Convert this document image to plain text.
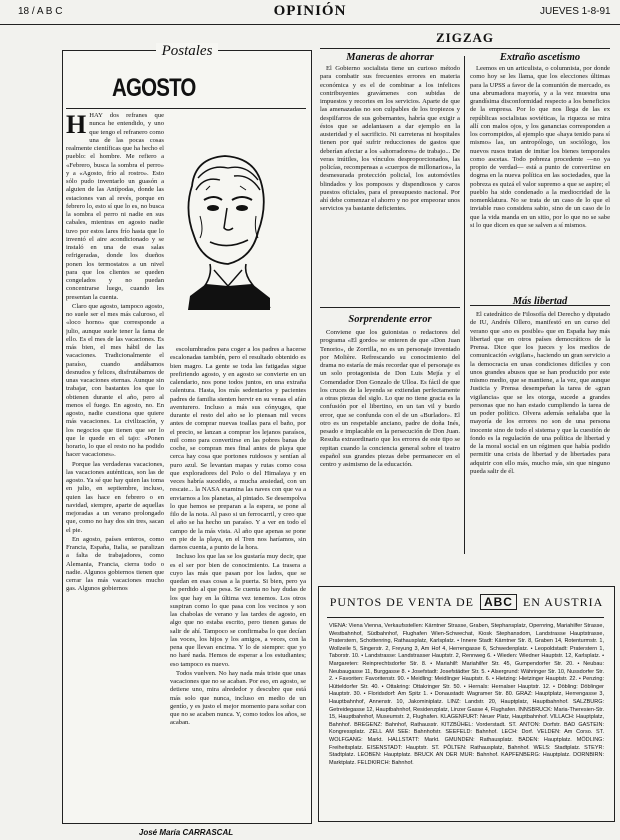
18 / A B C	OPINIÓN	JUEVES 1-8-91
Postales
AGOSTO

HHAY dos refranes que nunca he entendido, y uno que tengo el refranero como una de las pocas cosas realmente científicas que ha hecho el pueblo: el hombre. Me refiero a «Febrero, busca la sombra el perro» y a «Agosto, frío al rostro». Esto sólo pudo inventarlo un guasón a alguien de las Antípodas, donde las estaciones van al revés, porque en febrero lo, esto sí que lo es, no busca la sombra el perro ni nadie en sus cabales, mientras en agosto nadie tuvo por estos lares frío hasta que lo inventó el aire acondicionado y se instaló en una de esas salas refrigeradas, donde los dueños ponen los termostatos a un nivel para que los clientes se queden congelados y no puedan concentrarse luego, cuando les presentan la cuenta.

Claro que agosto, tampoco agosto, no suele ser el mes más caluroso, el «loco horno» que corresponde a julio, aunque suele tener la fama de ello. Es el mes de las vacaciones. Es más bien, el mes hábil de las vacaciones. Tradicionalmente el paraíso, cuando andábamos desnudos y felices, disfrutábamos de unas vacaciones eternas. Aunque sin trabajar, con bastantes los que lo obtienen durante el año, pero al menos el fuego. En agosto, no. En agosto, nadie cuestiona que quiere más vacaciones. La civilización, y los negocios que tienen que ser lo que le quede en el tajo: «Ponen horario, lo que el resto no ha podido hacer vacaciones».

Porque las verdaderas vacaciones, las vacaciones auténticas, son las de agosto. Ya sé que hay quien las toma en julio, en septiembre, incluso, quien las hace en febrero o en navidad, siempre, aparte de aquellas mejoradas a un verano prolongado que, como no hay dos sin tres, sacan el pie.

En agosto, países enteros, como Francia, España, Italia, se paralizan a falta de trabajadores, como Alemania, Francia, cierra todo o nadie. Algunos gobiernos tienen que cerrar las más vacaciones mucho gas. Algunos gobiernos

escolumbrados para coger a los padres a hacerse escalonadas también, pero el resultado obtenido es bien magro. La gente se toda las fatigadas sigue prefiriendo agosto, y en agosto se convierte en un calendario, nos pone todos juntos, en una extraña calentura. Hasta, los más sedentarios y pacientes padres de familia sienten hervir en su venas el afán aventurero. Incluso a más sus cónyuges, que durante el resto del año se lo piensan mil veces antes de comprar nuevas toallas para el baño, por el precio, se lanzan a comprar los lejanos paraísos, mil como para convertirse en las pobres banas de coche, se compran mes final antes de playa que cerca hay cosa que portones ruidosos y sentían al puro azul. Se levantan mapas y rutas como cosa que exploradores del Polo o del Himalaya y en veces habría sucedido, a mucha ansiedad, con un rescate... la NASA examina las naves con que va a enviarnos a los planetas, al pintado. Se desempolva lo que hemos se preparan a la espera, se pone al filo de la nota. Al paso si un ferrocarril, y creo que el año se ha hecho un paraíso. Y a ver en todo el campo de la más vista. Al año que apenas se pone en pie de la playa, en el Tren nos haríamos, sin darnos cuenta, a punto de la hora.

Incluso los que las se los gustaría muy decir, que es el ser por bien de conocimiento. La trasera a cuyo las más que pasan por los lados, que se quedan en esas cosas a la puerta. Si bien, pero ya he perdido al que pesa. Se cuenta no hay dudas de los que hay en la última vez tenemos. Los otros suspiran como lo que pasa con los vecinos y son las chabolas de verano y las tardes de agosto, en algo que no estaba escrito, pero tienen ganas de salir de ahí. Tampoco se confirmaba lo que decían las voces, los hijos y los amigos, a veces, con la pena que llevan encima. Y lo de siempre: que yo no haré nada. Hemos de esperar a los estudiantes; eso tampoco es nuevo.

Todos vuelven. No hay nada más triste que unas vacaciones que no se acaban. Por eso, en agosto, se detiene uno, mira alrededor y descubre que está más solo que nunca, incluso en medio de un gentío, y es justo el mejor momento para soñar con que no se acaben nunca. Y, como todos los años, se acaban.

José María CARRASCAL
ZIGZAG
Maneras de ahorrar

El Gobierno socialista tiene un curioso método para combatir sus frecuentes errores en materia económica y es el de combinar a los infelices contribuyentes gravámenes con subidas de impuestos y recortes en los servicios. Aparte de que las amenazadas no son culpables de los tropiezos y despilfarros de sus gobernantes, habría que exigir a éstos que se adelantasen a dar ejemplo en la austeridad y el sacrificio. Ni carreteras ni hospitales tienen por qué sufrir reducciones de gastos que deberían afectar a los «ahorradores» de trabajo... De veras inútiles, los vínculos desproporcionados, las policías, recompensas a «cuerpos de millonarios», la desmesurada protección policial, los automóviles blindados y los pomposos y dispendiosos y caros puestos oficiales, para el presupuesto nacional. Por ahí debe comenzar el ahorro y no por empeorar unos servicios ya bastante deficientes.

Sorprendente error

Conviene que los guionistas o redactores del programa «El gordo» se enteren de que «Don Juan Tenorio», de Zorrilla, no es un personaje inventado por Molière. Refrescando su conocimiento del drama no estaría de más recordar que el personaje es un solo protagonista de Don Luis Mejía y el Comendador Don Gonzalo de Ulloa. Es fácil de que los cruces de la leyenda se extiendan perfectamente a otras piezas del siglo. Lo que no tiene gracia es la confusión por el libertino, en un tan vil y burdo error, que se confunda con el de un «Burlador». El otro es un respetable anciano, padre de doña Inés, pesado e implacable en la persecución de Don Juan. Resulta extraordinario que los errores de este tipo se repitan cuando la conciencia general sobre el teatro español sus grandes piezas debe permanecer en el centro y asimismo de la educación.

Extraño ascetismo

Leemos en un articulista, o columnista, por donde como hoy se les llama, que los elecciones últimas para la UPSS a favor de la comunión de mercado, es una abrumadora mayoría, y a la vez muestra una grandísima disconformidad respecto a los beneficios de la empresa. Por lo que nos llega de las ex repúblicas socialistas soviéticas, la riqueza se mira allí con malos ojos, y los ganancias corresponden a los corrompidos, al ejemplo que «haya tenido para sí mismo» las, un antropólogo, un sociólogo, los nuevos rusos tratan de imitar los bienes temporales como ascetas. Todo pobreza procedente —no ya propio de verdad— está a punto de convertirse en dogma en la nueva política en las sociedades, que la pobreza es quizá el valor supremo a que se aspire; el pueblo ha sido condenado a la mediocridad de la nomenklatura. No se trata de un caso de lo que el inviable ruso considera sabio, sino de un caso de lo que la vida manda en un sitio, por lo que no se sabe si lo que dicen es que se salven a sí mismos.

Más libertad

El catedrático de Filosofía del Derecho y diputado de IU, Andrés Ollero, manifestó en un curso del verano que «no es posible» que en España hay más libertad que en otros países democráticos de la Prensa. Dice que los jueces y los medios de comunicación «vigilan», haciendo un gran servicio a la democracia en unas condiciones difíciles y con unos grandes abusos que se han producido por este mismo medio, que se mantiene, a la vez, que aunque Justicia y Prensa desempeñan la tarea de «gran vigilancia» que se les otorga, sucede a grandes personas que no han estado cumpliendo la tarea de un poder político. Olvera además señalaba que la mayoría de los errores no son de una persona inocente sino de todo el sistema y que la cuestión de fondo es la regulación de una política de libertad y de la moral social en un régimen que había podido permitir una crisis de libertad y de libertades para adquirir con ello más, mucho más, sin que ninguno pueda salir de él.

PUNTOS DE VENTA DE ABC EN AUSTRIA
VIENA: Viena Vienna, Verkaufsstellen: Kärntner Strasse, Graben, Stephansplatz, Opernring, Mariahilfer Strasse, Westbahnhof, Südbahnhof, Flughafen Wien-Schwechat, Kiosk Stephansdom, Landstrasse Hauptstrasse, Praterstern, Schottenring, Rathausplatz, Karlsplatz. • Innere Stadt: Kärntner Str. 8, Graben 14, Rotenturmstr. 1, Wollzeile 5, Singerstr. 2, Freyung 3, Am Hof 4, Herrengasse 6, Schwedenplatz. • Leopoldstadt: Praterstern 1, Taborstr. 10. • Landstrasse: Landstrasser Hauptstr. 2, Rennweg 6. • Wieden: Wiedner Hauptstr. 12, Karlsplatz. • Margareten: Reinprechtsdorfer Str. 8. • Mariahilf: Mariahilfer Str. 45, Gumpendorfer Str. 20. • Neubau: Neubaugasse 11, Burggasse 8. • Josefstadt: Josefstädter Str. 5. • Alsergrund: Währinger Str. 10, Nussdorfer Str. 2. • Favoriten: Favoritenstr. 90. • Meidling: Meidlinger Hauptstr. 6. • Hietzing: Hietzinger Hauptstr. 22. • Penzing: Hütteldorfer Str. 40. • Ottakring: Ottakringer Str. 50. • Hernals: Hernalser Hauptstr. 12. • Döbling: Döblinger Hauptstr. 30. • Floridsdorf: Am Spitz 1. • Donaustadt: Wagramer Str. 80. GRAZ: Hauptplatz, Herrengasse 3, Hauptbahnhof, Annenstr. 10, Jakominiplatz. LINZ: Landstr. 20, Hauptplatz, Hauptbahnhof. SALZBURG: Getreidegasse 12, Hauptbahnhof, Residenzplatz, Linzer Gasse 4, Flughafen. INNSBRUCK: Maria-Theresien-Str. 15, Hauptbahnhof, Museumstr. 2, Flughafen. KLAGENFURT: Neuer Platz, Hauptbahnhof. VILLACH: Hauptplatz, Bahnhof. BREGENZ: Bahnhof, Rathausstr. KITZBÜHEL: Vorderstadt. ST. ANTON: Dorfstr. BAD GASTEIN: Kongressplatz. ZELL AM SEE: Bahnhofstr. SEEFELD: Bahnhof. LECH: Dorf. VELDEN: Am Corso. ST. WOLFGANG: Markt. HALLSTATT: Markt. GMUNDEN: Rathausplatz. BADEN: Hauptplatz. MÖDLING: Freiheitsplatz. EISENSTADT: Hauptstr. ST. PÖLTEN: Rathausplatz, Bahnhof. WELS: Stadtplatz. STEYR: Stadtplatz. LEOBEN: Hauptplatz. BRUCK AN DER MUR: Bahnhof. KAPFENBERG: Hauptplatz. DORNBIRN: Marktplatz. FELDKIRCH: Bahnhof.
